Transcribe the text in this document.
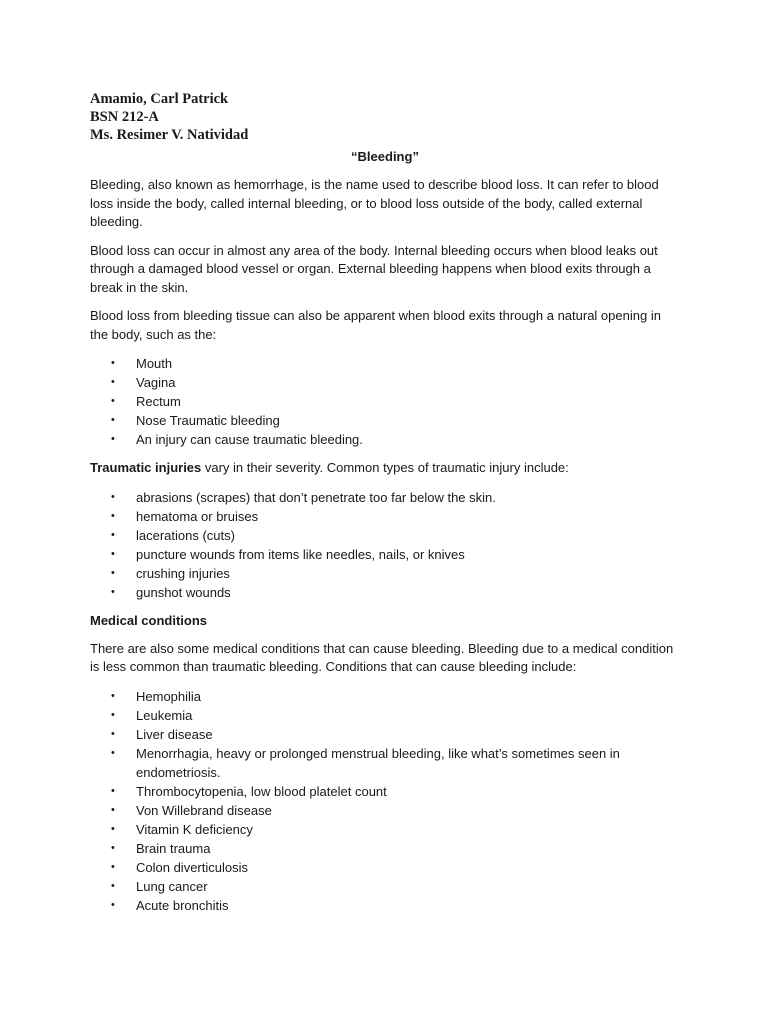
Amamio, Carl Patrick
BSN 212-A
Ms. Resimer V. Natividad
“Bleeding”

Bleeding, also known as hemorrhage, is the name used to describe blood loss. It can refer to blood loss inside the body, called internal bleeding, or to blood loss outside of the body, called external bleeding.

Blood loss can occur in almost any area of the body. Internal bleeding occurs when blood leaks out through a damaged blood vessel or organ. External bleeding happens when blood exits through a break in the skin.

Blood loss from bleeding tissue can also be apparent when blood exits through a natural opening in the body, such as the:

• Mouth
• Vagina
• Rectum
• Nose Traumatic bleeding
• An injury can cause traumatic bleeding.

Traumatic injuries vary in their severity. Common types of traumatic injury include:

• abrasions (scrapes) that don’t penetrate too far below the skin.
• hematoma or bruises
• lacerations (cuts)
• puncture wounds from items like needles, nails, or knives
• crushing injuries
• gunshot wounds
Medical conditions

There are also some medical conditions that can cause bleeding. Bleeding due to a medical condition is less common than traumatic bleeding. Conditions that can cause bleeding include:

• Hemophilia
• Leukemia
• Liver disease
• Menorrhagia, heavy or prolonged menstrual bleeding, like what’s sometimes seen in endometriosis.
• Thrombocytopenia, low blood platelet count
• Von Willebrand disease
• Vitamin K deficiency
• Brain trauma
• Colon diverticulosis
• Lung cancer
• Acute bronchitis
